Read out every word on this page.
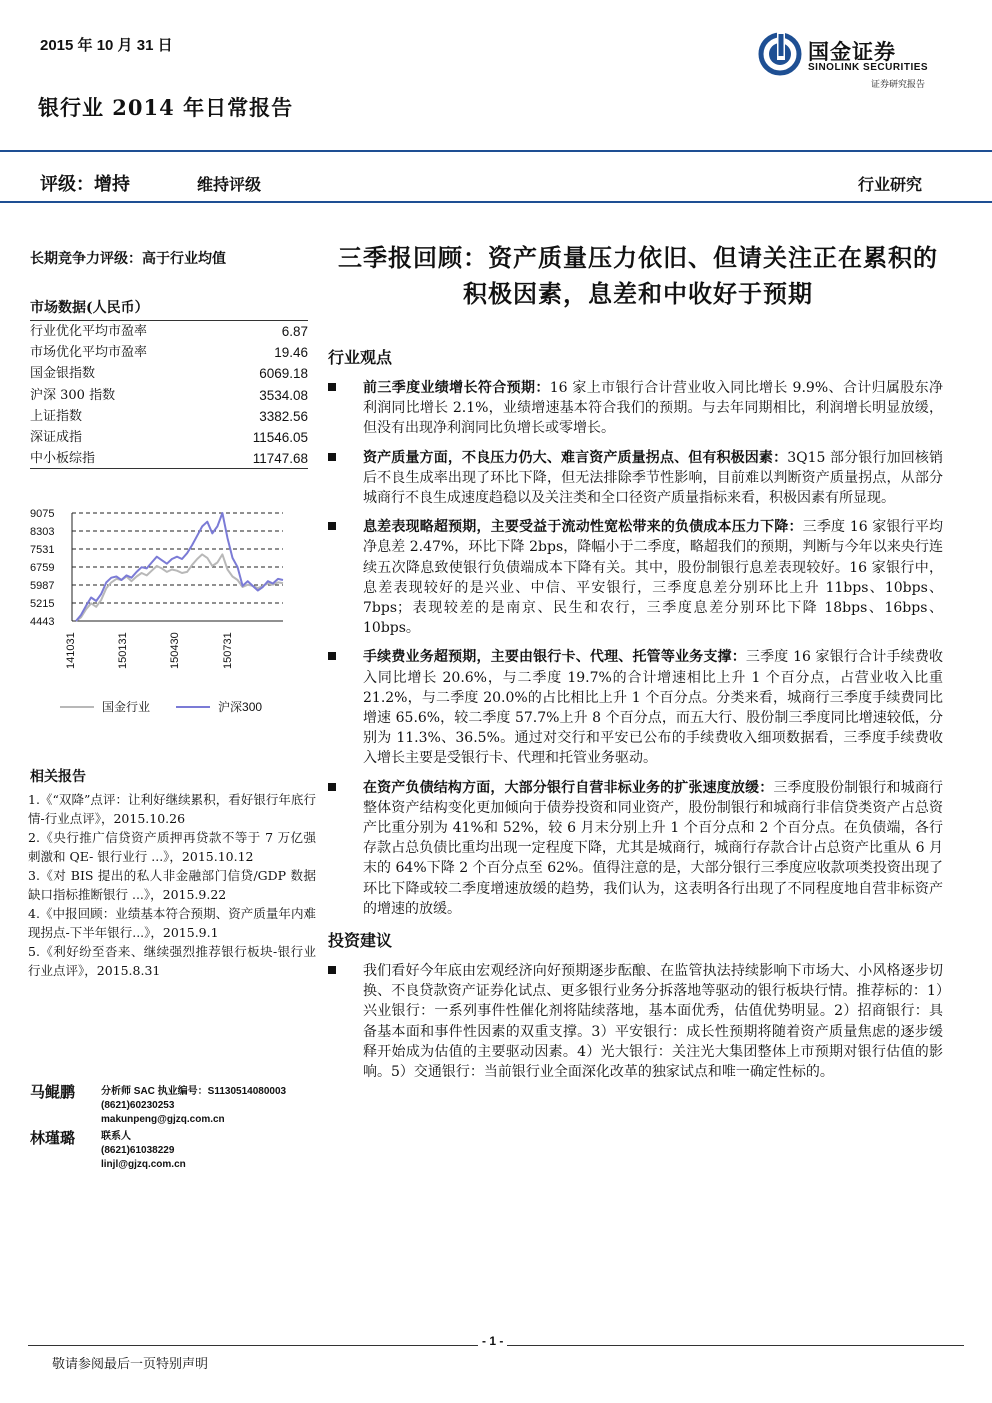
2015 年 10 月 31 日
银行业 2014 年日常报告
国金证券
SINOLINK SECURITIES
证券研究报告
评级：增持	维持评级	行业研究
长期竞争力评级：高于行业均值
市场数据(人民币）
行业优化平均市盈率	6.87
市场优化平均市盈率	19.46
国金银指数	6069.18
沪深 300 指数	3534.08
上证指数	3382.56
深证成指	11546.05
中小板综指	11747.68
9075
8303
7531
6759
5987
5215
4443
141031	150131	150430	150731
国金行业	沪深300
相关报告
1.《“双降”点评：让利好继续累积，看好银行年底行情-行业点评》，2015.10.26
2.《央行推广信贷资产质押再贷款不等于 7 万亿强刺激和 QE- 银行业行 ...》，2015.10.12
3.《对 BIS 提出的私人非金融部门信贷/GDP 数据缺口指标推断银行 ...》，2015.9.22
4.《中报回顾：业绩基本符合预期、资产质量年内难现拐点-下半年银行...》，2015.9.1
5.《利好纷至沓来、继续强烈推荐银行板块-银行业行业点评》，2015.8.31
马鲲鹏	分析师 SAC 执业编号：S1130514080003
(8621)60230253
makunpeng@gjzq.com.cn
林瑾璐	联系人
(8621)61038229
linjl@gjzq.com.cn
三季报回顾：资产质量压力依旧、但请关注正在累积的积极因素，息差和中收好于预期
行业观点
前三季度业绩增长符合预期：16 家上市银行合计营业收入同比增长 9.9%、合计归属股东净利润同比增长 2.1%，业绩增速基本符合我们的预期。与去年同期相比，利润增长明显放缓，但没有出现净利润同比负增长或零增长。
资产质量方面，不良压力仍大、难言资产质量拐点、但有积极因素：3Q15 部分银行加回核销后不良生成率出现了环比下降，但无法排除季节性影响，目前难以判断资产质量拐点，从部分城商行不良生成速度趋稳以及关注类和全口径资产质量指标来看，积极因素有所显现。
息差表现略超预期，主要受益于流动性宽松带来的负债成本压力下降：三季度 16 家银行平均净息差 2.47%，环比下降 2bps，降幅小于二季度，略超我们的预期，判断与今年以来央行连续五次降息致使银行负债端成本下降有关。其中，股份制银行息差表现较好。16 家银行中，息差表现较好的是兴业、中信、平安银行，三季度息差分别环比上升 11bps、10bps、7bps；表现较差的是南京、民生和农行，三季度息差分别环比下降 18bps、16bps、10bps。
手续费业务超预期，主要由银行卡、代理、托管等业务支撑：三季度 16 家银行合计手续费收入同比增长 20.6%，与二季度 19.7%的合计增速相比上升 1 个百分点，占营业收入比重 21.2%，与二季度 20.0%的占比相比上升 1 个百分点。分类来看，城商行三季度手续费同比增速 65.6%，较二季度 57.7%上升 8 个百分点，而五大行、股份制三季度同比增速较低，分别为 11.3%、36.5%。通过对交行和平安已公布的手续费收入细项数据看，三季度手续费收入增长主要是受银行卡、代理和托管业务驱动。
在资产负债结构方面，大部分银行自营非标业务的扩张速度放缓：三季度股份制银行和城商行整体资产结构变化更加倾向于债券投资和同业资产，股份制银行和城商行非信贷类资产占总资产比重分别为 41%和 52%，较 6 月末分别上升 1 个百分点和 2 个百分点。在负债端，各行存款占总负债比重均出现一定程度下降，尤其是城商行，城商行存款合计占总资产比重从 6 月末的 64%下降 2 个百分点至 62%。值得注意的是，大部分银行三季度应收款项类投资出现了环比下降或较二季度增速放缓的趋势，我们认为，这表明各行出现了不同程度地自营非标资产的增速的放缓。
投资建议
我们看好今年底由宏观经济向好预期逐步酝酿、在监管执法持续影响下市场大、小风格逐步切换、不良贷款资产证券化试点、更多银行业务分拆落地等驱动的银行板块行情。推荐标的：1）兴业银行：一系列事件性催化剂将陆续落地，基本面优秀，估值优势明显。2）招商银行：具备基本面和事件性因素的双重支撑。3）平安银行：成长性预期将随着资产质量焦虑的逐步缓释开始成为估值的主要驱动因素。4）光大银行：关注光大集团整体上市预期对银行估值的影响。5）交通银行：当前银行业全面深化改革的独家试点和唯一确定性标的。
- 1 -
敬请参阅最后一页特别声明
